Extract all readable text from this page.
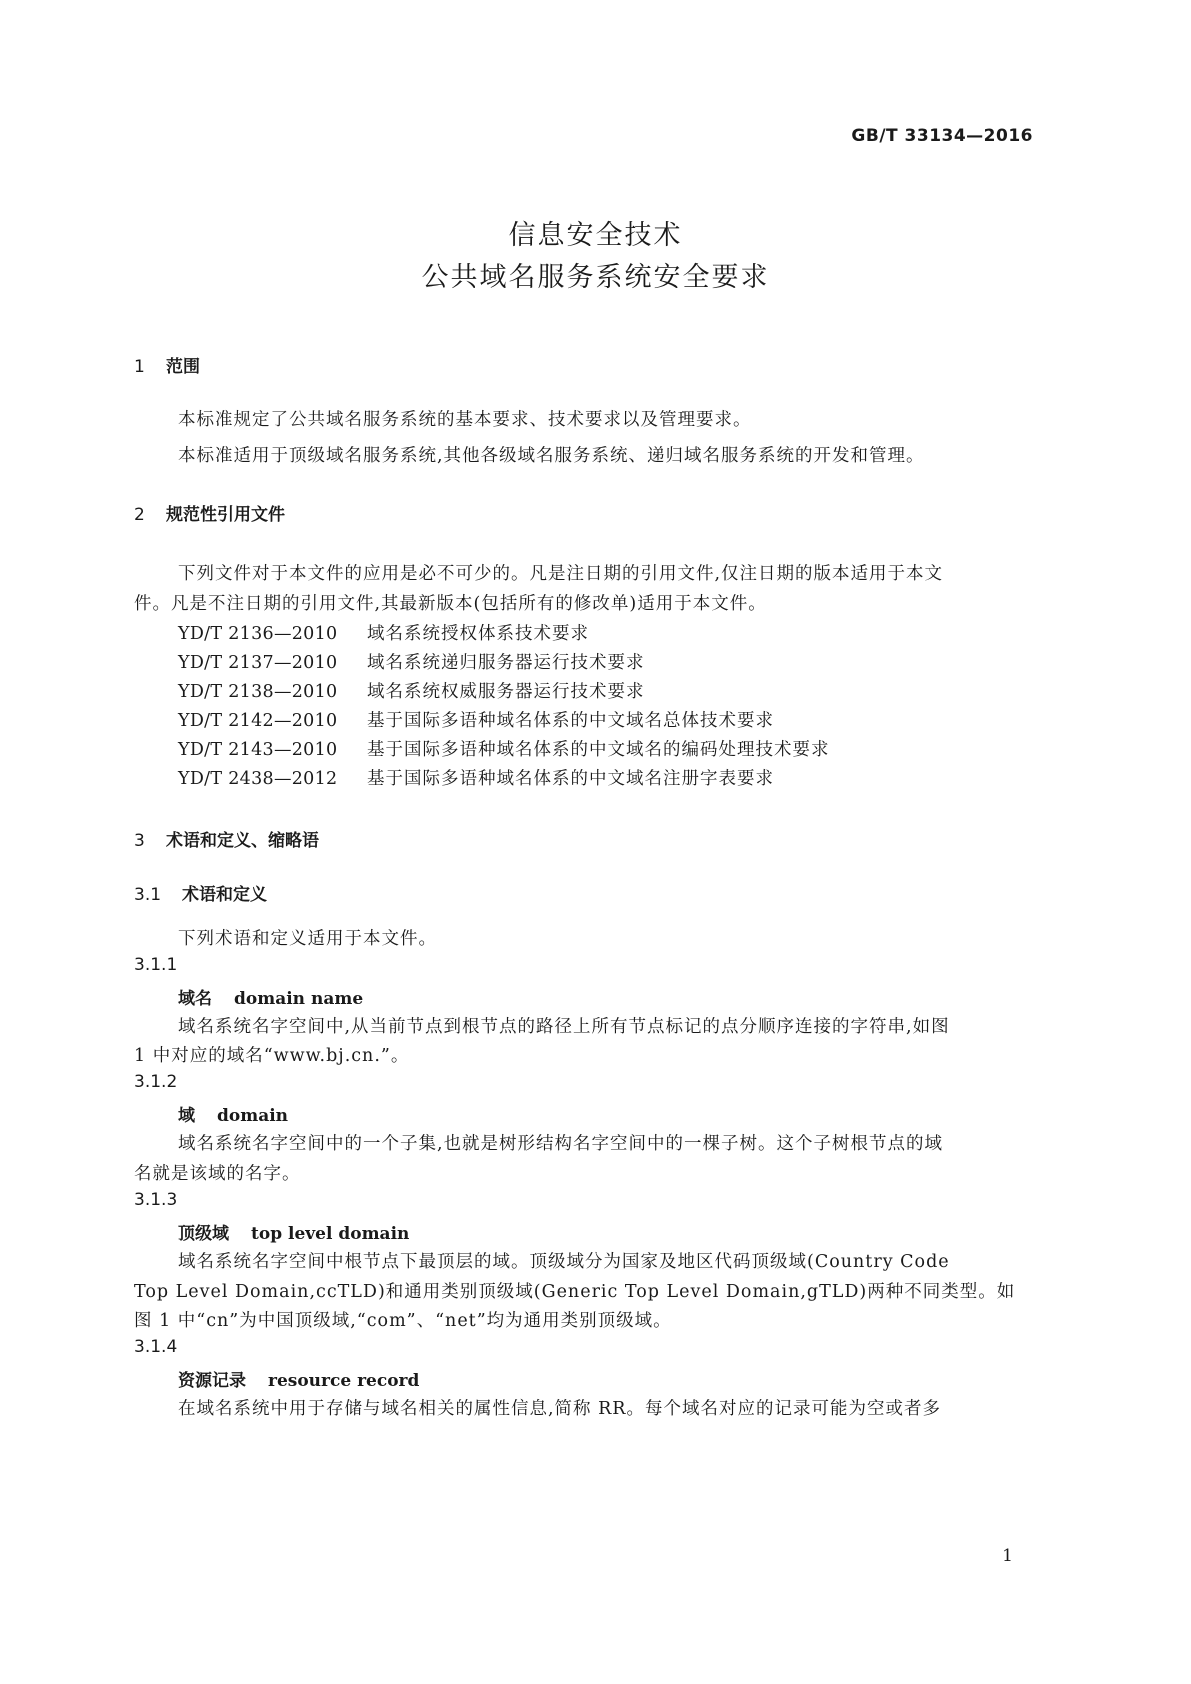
GB/T 33134—2016
信息安全技术
公共域名服务系统安全要求
1 范围
本标准规定了公共域名服务系统的基本要求、技术要求以及管理要求。
本标准适用于顶级域名服务系统,其他各级域名服务系统、递归域名服务系统的开发和管理。
2 规范性引用文件
下列文件对于本文件的应用是必不可少的。凡是注日期的引用文件,仅注日期的版本适用于本文
件。凡是不注日期的引用文件,其最新版本(包括所有的修改单)适用于本文件。
YD/T 2136—2010 域名系统授权体系技术要求
YD/T 2137—2010 域名系统递归服务器运行技术要求
YD/T 2138—2010 域名系统权威服务器运行技术要求
YD/T 2142—2010 基于国际多语种域名体系的中文域名总体技术要求
YD/T 2143—2010 基于国际多语种域名体系的中文域名的编码处理技术要求
YD/T 2438—2012 基于国际多语种域名体系的中文域名注册字表要求
3 术语和定义、缩略语
3.1 术语和定义
下列术语和定义适用于本文件。
3.1.1
域名 domain name
域名系统名字空间中,从当前节点到根节点的路径上所有节点标记的点分顺序连接的字符串,如图
1 中对应的域名“www.bj.cn.”。
3.1.2
域 domain
域名系统名字空间中的一个子集,也就是树形结构名字空间中的一棵子树。这个子树根节点的域
名就是该域的名字。
3.1.3
顶级域 top level domain
域名系统名字空间中根节点下最顶层的域。顶级域分为国家及地区代码顶级域(Country Code
Top Level Domain,ccTLD)和通用类别顶级域(Generic Top Level Domain,gTLD)两种不同类型。如
图 1 中“cn”为中国顶级域,“com”、“net”均为通用类别顶级域。
3.1.4
资源记录 resource record
在域名系统中用于存储与域名相关的属性信息,简称 RR。每个域名对应的记录可能为空或者多
1
